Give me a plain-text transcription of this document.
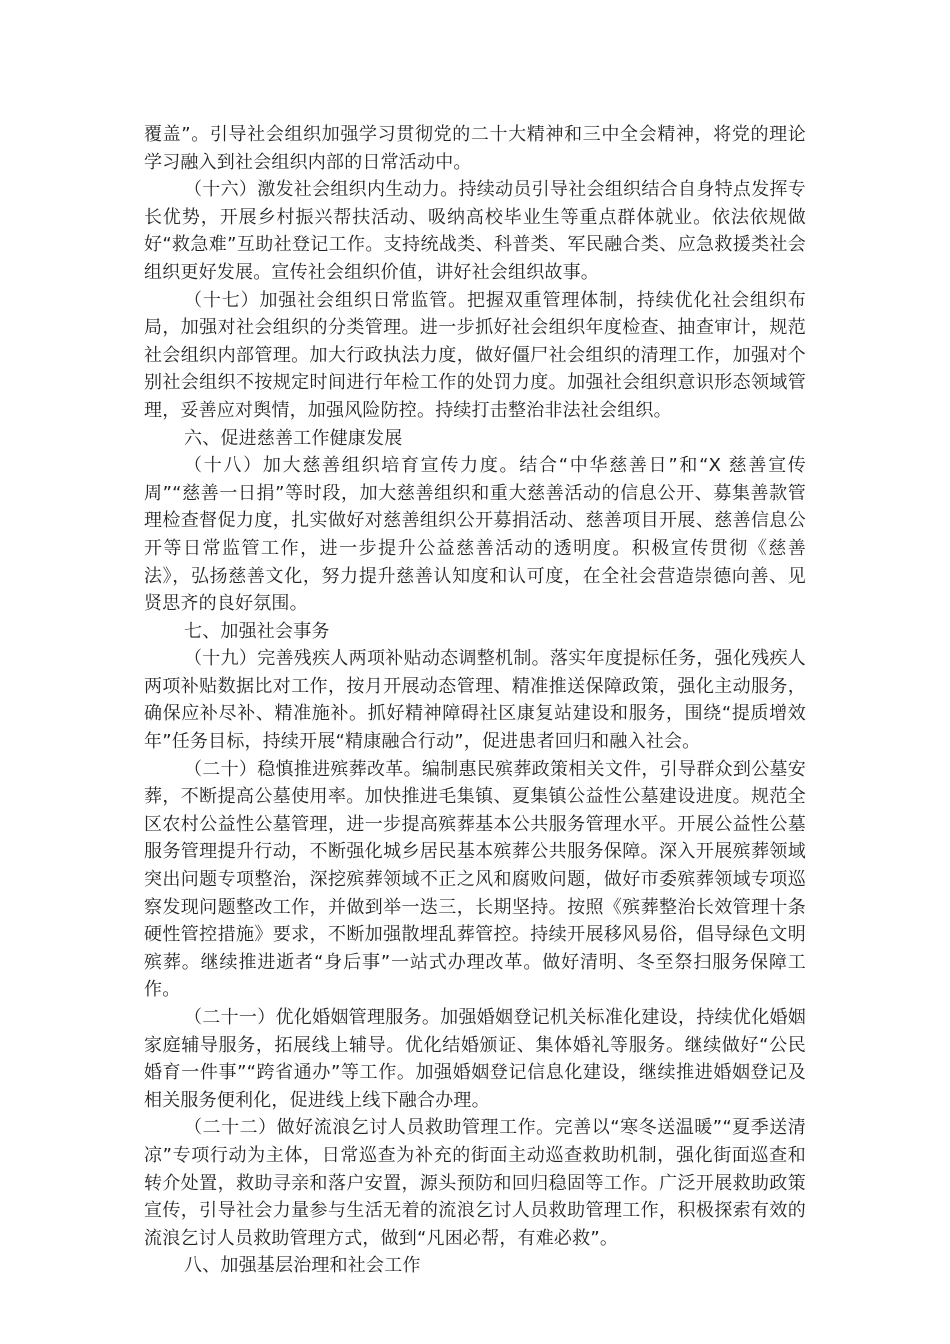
覆盖”。引导社会组织加强学习贯彻党的二十大精神和三中全会精神，将党的理论学习融入到社会组织内部的日常活动中。

（十六）激发社会组织内生动力。持续动员引导社会组织结合自身特点发挥专长优势，开展乡村振兴帮扶活动、吸纳高校毕业生等重点群体就业。依法依规做好“救急难”互助社登记工作。支持统战类、科普类、军民融合类、应急救援类社会组织更好发展。宣传社会组织价值，讲好社会组织故事。

（十七）加强社会组织日常监管。把握双重管理体制，持续优化社会组织布局，加强对社会组织的分类管理。进一步抓好社会组织年度检查、抽查审计，规范社会组织内部管理。加大行政执法力度，做好僵尸社会组织的清理工作，加强对个别社会组织不按规定时间进行年检工作的处罚力度。加强社会组织意识形态领域管理，妥善应对舆情，加强风险防控。持续打击整治非法社会组织。

六、促进慈善工作健康发展

（十八）加大慈善组织培育宣传力度。结合“中华慈善日”和“X 慈善宣传周”“慈善一日捐”等时段，加大慈善组织和重大慈善活动的信息公开、募集善款管理检查督促力度，扎实做好对慈善组织公开募捐活动、慈善项目开展、慈善信息公开等日常监管工作，进一步提升公益慈善活动的透明度。积极宣传贯彻《慈善法》，弘扬慈善文化，努力提升慈善认知度和认可度，在全社会营造崇德向善、见贤思齐的良好氛围。

七、加强社会事务

（十九）完善残疾人两项补贴动态调整机制。落实年度提标任务，强化残疾人两项补贴数据比对工作，按月开展动态管理、精准推送保障政策，强化主动服务，确保应补尽补、精准施补。抓好精神障碍社区康复站建设和服务，围绕“提质增效年”任务目标，持续开展“精康融合行动”，促进患者回归和融入社会。

（二十）稳慎推进殡葬改革。编制惠民殡葬政策相关文件，引导群众到公墓安葬，不断提高公墓使用率。加快推进毛集镇、夏集镇公益性公墓建设进度。规范全区农村公益性公墓管理，进一步提高殡葬基本公共服务管理水平。开展公益性公墓服务管理提升行动，不断强化城乡居民基本殡葬公共服务保障。深入开展殡葬领域突出问题专项整治，深挖殡葬领域不正之风和腐败问题，做好市委殡葬领域专项巡察发现问题整改工作，并做到举一迭三，长期坚持。按照《殡葬整治长效管理十条硬性管控措施》要求，不断加强散埋乱葬管控。持续开展移风易俗，倡导绿色文明殡葬。继续推进逝者“身后事”一站式办理改革。做好清明、冬至祭扫服务保障工作。

（二十一）优化婚姻管理服务。加强婚姻登记机关标准化建设，持续优化婚姻家庭辅导服务，拓展线上辅导。优化结婚颁证、集体婚礼等服务。继续做好“公民婚育一件事”“跨省通办”等工作。加强婚姻登记信息化建设，继续推进婚姻登记及相关服务便利化，促进线上线下融合办理。

（二十二）做好流浪乞讨人员救助管理工作。完善以“寒冬送温暖”“夏季送清凉”专项行动为主体，日常巡查为补充的街面主动巡查救助机制，强化街面巡查和转介处置，救助寻亲和落户安置，源头预防和回归稳固等工作。广泛开展救助政策宣传，引导社会力量参与生活无着的流浪乞讨人员救助管理工作，积极探索有效的流浪乞讨人员救助管理方式，做到“凡困必帮，有难必救”。

八、加强基层治理和社会工作
